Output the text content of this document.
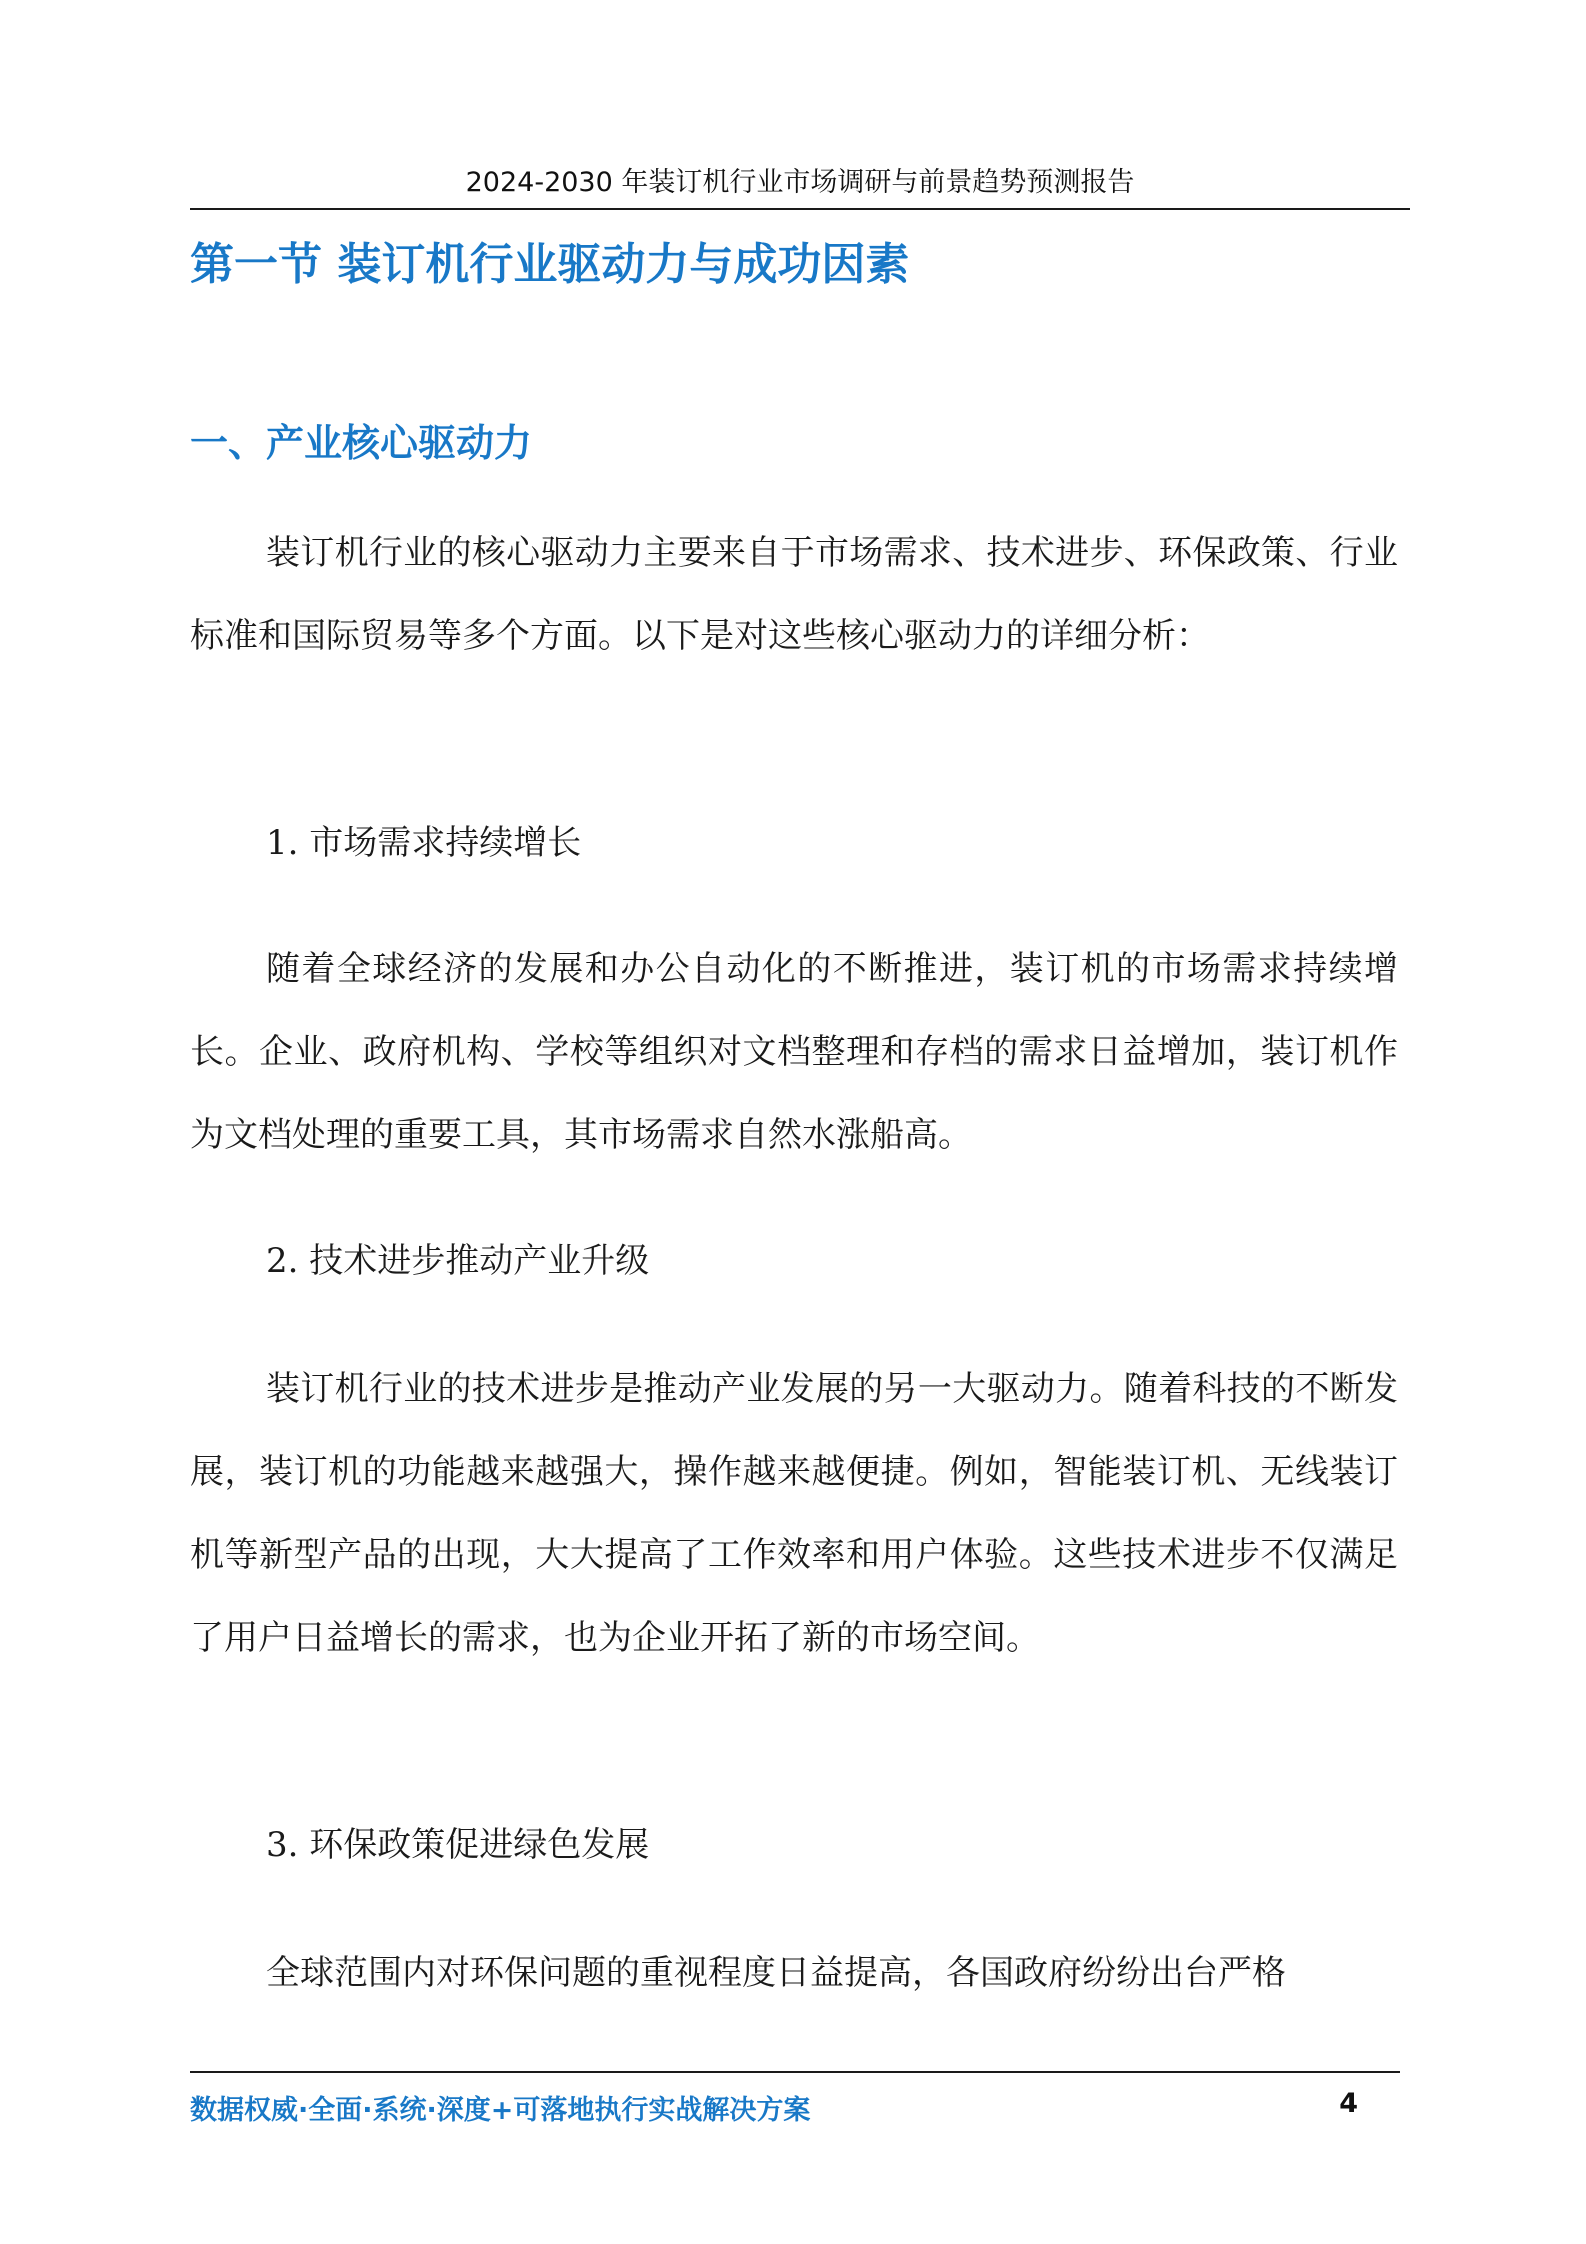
2024-2030 年装订机行业市场调研与前景趋势预测报告
第一节 装订机行业驱动力与成功因素
一、产业核心驱动力

装订机行业的核心驱动力主要来自于市场需求、技术进步、环保政策、行业标准和国际贸易等多个方面。以下是对这些核心驱动力的详细分析：

1. 市场需求持续增长

随着全球经济的发展和办公自动化的不断推进，装订机的市场需求持续增长。企业、政府机构、学校等组织对文档整理和存档的需求日益增加，装订机作为文档处理的重要工具，其市场需求自然水涨船高。

2. 技术进步推动产业升级

装订机行业的技术进步是推动产业发展的另一大驱动力。随着科技的不断发展，装订机的功能越来越强大，操作越来越便捷。例如，智能装订机、无线装订机等新型产品的出现，大大提高了工作效率和用户体验。这些技术进步不仅满足了用户日益增长的需求，也为企业开拓了新的市场空间。

3. 环保政策促进绿色发展

全球范围内对环保问题的重视程度日益提高，各国政府纷纷出台严格

数据权威·全面·系统·深度+可落地执行实战解决方案	4
